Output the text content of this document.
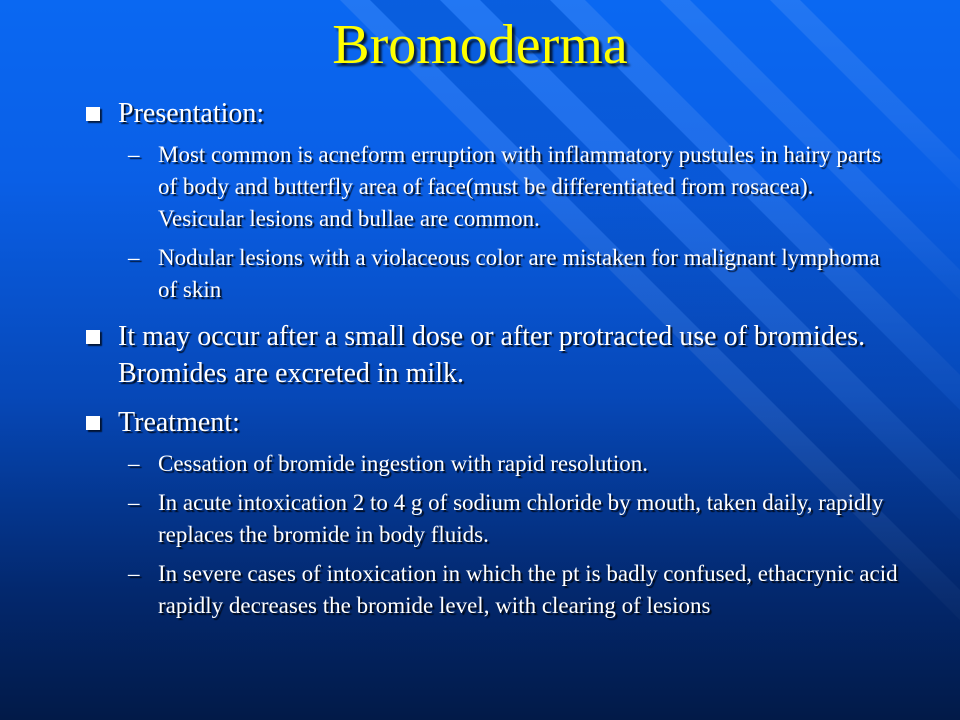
Bromoderma
Presentation:
– Most common is acneform erruption with inflammatory pustules in hairy parts of body and butterfly area of face(must be differentiated from rosacea). Vesicular lesions and bullae are common.
– Nodular lesions with a violaceous color are mistaken for malignant lymphoma of skin
It may occur after a small dose or after protracted use of bromides. Bromides are excreted in milk.
Treatment:
– Cessation of bromide ingestion with rapid resolution.
– In acute intoxication 2 to 4 g of sodium chloride by mouth, taken daily, rapidly replaces the bromide in body fluids.
– In severe cases of intoxication in which the pt is badly confused, ethacrynic acid rapidly decreases the bromide level, with clearing of lesions
